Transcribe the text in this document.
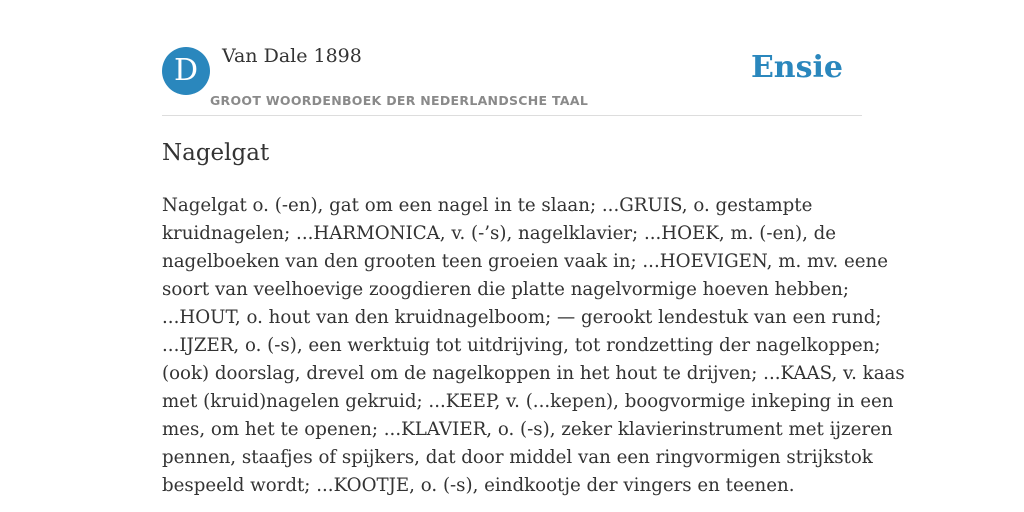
D	Van Dale 1898
GROOT WOORDENBOEK DER NEDERLANDSCHE TAAL
Ensie
Nagelgat

Nagelgat o. (-en), gat om een nagel in te slaan; ...GRUIS, o. gestampte
kruidnagelen; ...HARMONICA, v. (-’s), nagelklavier; ...HOEK, m. (-en), de
nagelboeken van den grooten teen groeien vaak in; ...HOEVIGEN, m. mv. eene
soort van veelhoevige zoogdieren die platte nagelvormige hoeven hebben;
...HOUT, o. hout van den kruidnagelboom; — gerookt lendestuk van een rund;
...IJZER, o. (-s), een werktuig tot uitdrijving, tot rondzetting der nagelkoppen;
(ook) doorslag, drevel om de nagelkoppen in het hout te drijven; ...KAAS, v. kaas
met (kruid)nagelen gekruid; ...KEEP, v. (...kepen), boogvormige inkeping in een
mes, om het te openen; ...KLAVIER, o. (-s), zeker klavierinstrument met ijzeren
pennen, staafjes of spijkers, dat door middel van een ringvormigen strijkstok
bespeeld wordt; ...KOOTJE, o. (-s), eindkootje der vingers en teenen.
